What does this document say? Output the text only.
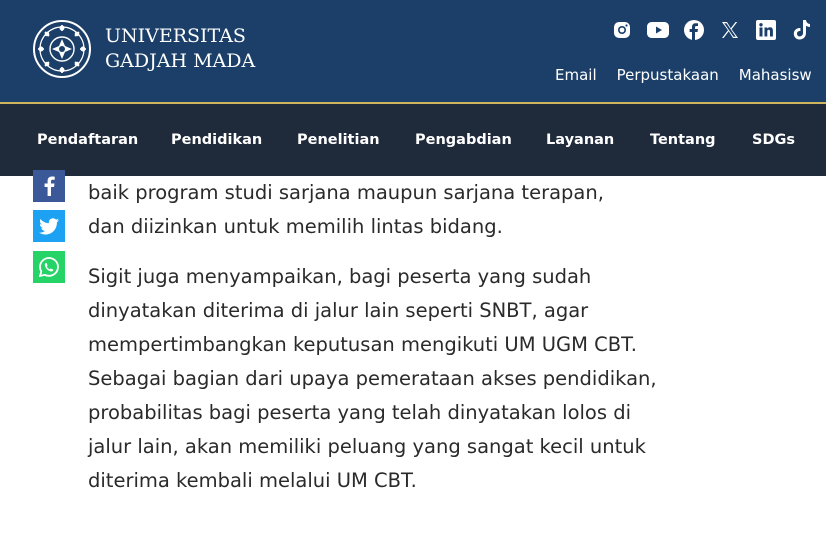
UNIVERSITAS
GADJAH MADA
Email Perpustakaan Mahasisw
Pendaftaran Pendidikan Penelitian Pengabdian Layanan Tentang	SDGs

baik program studi sarjana maupun sarjana terapan,
dan diizinkan untuk memilih lintas bidang.

Sigit juga menyampaikan, bagi peserta yang sudah dinyatakan diterima di jalur lain seperti SNBT, agar mempertimbangkan keputusan mengikuti UM UGM CBT. Sebagai bagian dari upaya pemerataan akses pendidikan, probabilitas bagi peserta yang telah dinyatakan lolos di jalur lain, akan memiliki peluang yang sangat kecil untuk diterima kembali melalui UM CBT.
